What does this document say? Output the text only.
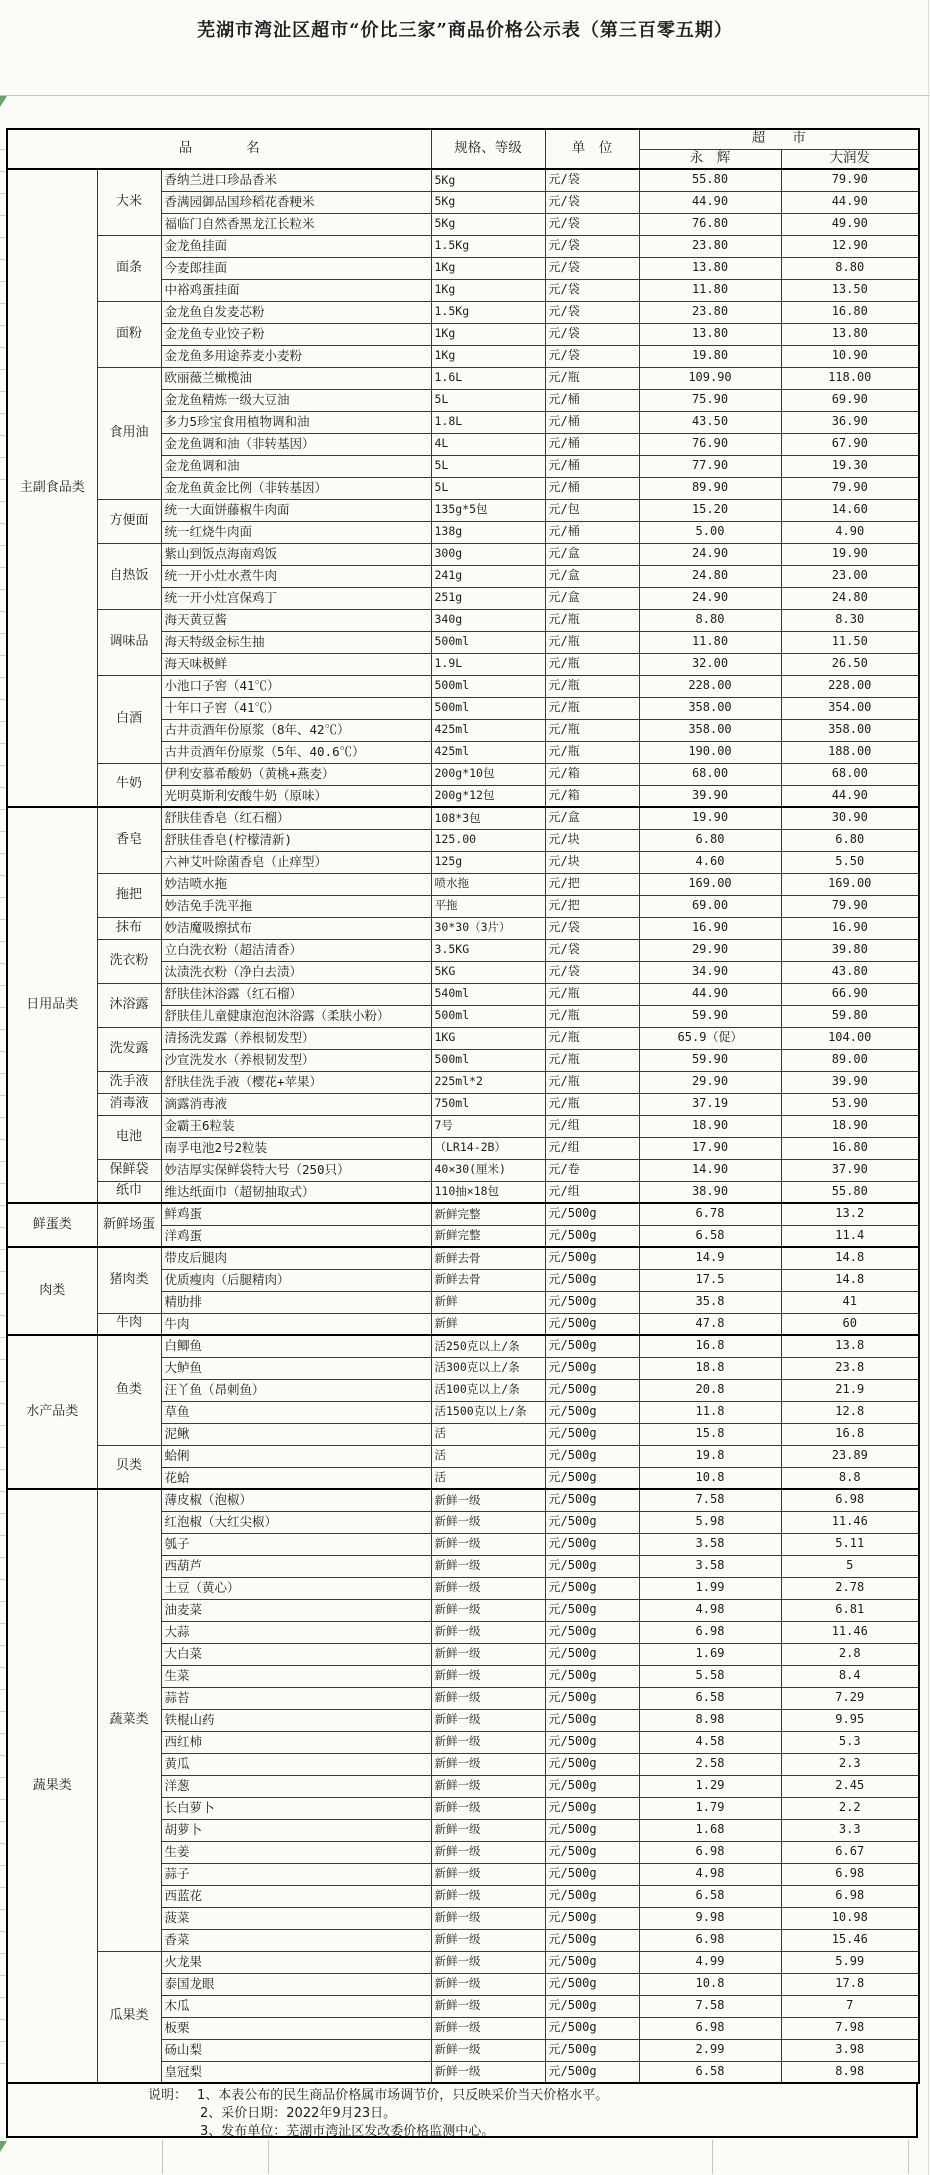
芜湖市湾沚区超市“价比三家”商品价格公示表（第三百零五期）
品　　　　名			规格、等级	单　位	超　　市	
					永　辉	大润发
主副食品类	大米	香纳兰进口珍品香米	5Kg	元/袋	55.80	79.90
		香满园御品国珍稻花香粳米	5Kg	元/袋	44.90	44.90
		福临门自然香黑龙江长粒米	5Kg	元/袋	76.80	49.90
	面条	金龙鱼挂面	1.5Kg	元/袋	23.80	12.90
		今麦郎挂面	1Kg	元/袋	13.80	8.80
		中裕鸡蛋挂面	1Kg	元/袋	11.80	13.50
	面粉	金龙鱼自发麦芯粉	1.5Kg	元/袋	23.80	16.80
		金龙鱼专业饺子粉	1Kg	元/袋	13.80	13.80
		金龙鱼多用途荞麦小麦粉	1Kg	元/袋	19.80	10.90
	食用油	欧丽薇兰橄榄油	1.6L	元/瓶	109.90	118.00
		金龙鱼精炼一级大豆油	5L	元/桶	75.90	69.90
		多力5珍宝食用植物调和油	1.8L	元/桶	43.50	36.90
		金龙鱼调和油（非转基因）	4L	元/桶	76.90	67.90
		金龙鱼调和油	5L	元/桶	77.90	19.30
		金龙鱼黄金比例（非转基因）	5L	元/桶	89.90	79.90
	方便面	统一大面饼藤椒牛肉面	135g*5包	元/包	15.20	14.60
		统一红烧牛肉面	138g	元/桶	5.00	4.90
	自热饭	紫山到饭点海南鸡饭	300g	元/盒	24.90	19.90
		统一开小灶水煮牛肉	241g	元/盒	24.80	23.00
		统一开小灶宫保鸡丁	251g	元/盒	24.90	24.80
	调味品	海天黄豆酱	340g	元/瓶	8.80	8.30
		海天特级金标生抽	500ml	元/瓶	11.80	11.50
		海天味极鲜	1.9L	元/瓶	32.00	26.50
	白酒	小池口子窖（41℃）	500ml	元/瓶	228.00	228.00
		十年口子窖（41℃）	500ml	元/瓶	358.00	354.00
		古井贡酒年份原浆（8年、42℃）	425ml	元/瓶	358.00	358.00
		古井贡酒年份原浆（5年、40.6℃）	425ml	元/瓶	190.00	188.00
	牛奶	伊利安慕希酸奶（黄桃+燕麦）	200g*10包	元/箱	68.00	68.00
		光明莫斯利安酸牛奶（原味）	200g*12包	元/箱	39.90	44.90
日用品类	香皂	舒肤佳香皂（红石榴）	108*3包	元/盒	19.90	30.90
		舒肤佳香皂(柠檬清新)	125.00	元/块	6.80	6.80
		六神艾叶除菌香皂（止痒型）	125g	元/块	4.60	5.50
	拖把	妙洁喷水拖	喷水拖	元/把	169.00	169.00
		妙洁免手洗平拖	平拖	元/把	69.00	79.90
	抹布	妙洁魔吸擦拭布	30*30（3片）	元/袋	16.90	16.90
	洗衣粉	立白洗衣粉（超洁清香）	3.5KG	元/袋	29.90	39.80
		汰渍洗衣粉（净白去渍）	5KG	元/袋	34.90	43.80
	沐浴露	舒肤佳沐浴露（红石榴）	540ml	元/瓶	44.90	66.90
		舒肤佳儿童健康泡泡沐浴露（柔肤小粉）	500ml	元/瓶	59.90	59.80
	洗发露	清扬洗发露（养根韧发型）	1KG	元/瓶	65.9（促）	104.00
		沙宣洗发水（养根韧发型）	500ml	元/瓶	59.90	89.00
	洗手液	舒肤佳洗手液（樱花+苹果）	225ml*2	元/瓶	29.90	39.90
	消毒液	滴露消毒液	750ml	元/瓶	37.19	53.90
	电池	金霸王6粒装	7号	元/组	18.90	18.90
		南孚电池2号2粒装	（LR14-2B）	元/组	17.90	16.80
	保鲜袋	妙洁厚实保鲜袋特大号（250只）	40×30(厘米)	元/卷	14.90	37.90
	纸巾	维达纸面巾（超韧抽取式）	110抽×18包	元/组	38.90	55.80
鲜蛋类	新鲜场蛋	鲜鸡蛋	新鲜完整	元/500g	6.78	13.2
		洋鸡蛋	新鲜完整	元/500g	6.58	11.4
肉类	猪肉类	带皮后腿肉	新鲜去骨	元/500g	14.9	14.8
		优质瘦肉（后腿精肉）	新鲜去骨	元/500g	17.5	14.8
		精肋排	新鲜	元/500g	35.8	41
	牛肉	牛肉	新鲜	元/500g	47.8	60
水产品类	鱼类	白鲫鱼	活250克以上/条	元/500g	16.8	13.8
		大鲈鱼	活300克以上/条	元/500g	18.8	23.8
		汪丫鱼（昂刺鱼）	活100克以上/条	元/500g	20.8	21.9
		草鱼	活1500克以上/条	元/500g	11.8	12.8
		泥鳅	活	元/500g	15.8	16.8
	贝类	蛤俐	活	元/500g	19.8	23.89
		花蛤	活	元/500g	10.8	8.8
蔬果类	蔬菜类	薄皮椒（泡椒）	新鲜一级	元/500g	7.58	6.98
		红泡椒（大红尖椒）	新鲜一级	元/500g	5.98	11.46
		瓠子	新鲜一级	元/500g	3.58	5.11
		西葫芦	新鲜一级	元/500g	3.58	5
		土豆（黄心）	新鲜一级	元/500g	1.99	2.78
		油麦菜	新鲜一级	元/500g	4.98	6.81
		大蒜	新鲜一级	元/500g	6.98	11.46
		大白菜	新鲜一级	元/500g	1.69	2.8
		生菜	新鲜一级	元/500g	5.58	8.4
		蒜苔	新鲜一级	元/500g	6.58	7.29
		铁棍山药	新鲜一级	元/500g	8.98	9.95
		西红柿	新鲜一级	元/500g	4.58	5.3
		黄瓜	新鲜一级	元/500g	2.58	2.3
		洋葱	新鲜一级	元/500g	1.29	2.45
		长白萝卜	新鲜一级	元/500g	1.79	2.2
		胡萝卜	新鲜一级	元/500g	1.68	3.3
		生姜	新鲜一级	元/500g	6.98	6.67
		蒜子	新鲜一级	元/500g	4.98	6.98
		西蓝花	新鲜一级	元/500g	6.58	6.98
		菠菜	新鲜一级	元/500g	9.98	10.98
		香菜	新鲜一级	元/500g	6.98	15.46
	瓜果类	火龙果	新鲜一级	元/500g	4.99	5.99
		泰国龙眼	新鲜一级	元/500g	10.8	17.8
		木瓜	新鲜一级	元/500g	7.58	7
		板栗	新鲜一级	元/500g	6.98	7.98
		砀山梨	新鲜一级	元/500g	2.99	3.98
		皇冠梨	新鲜一级	元/500g	6.58	8.98
说明： 1、本表公布的民生商品价格属市场调节价，只反映采价当天价格水平。
2、采价日期：2022年9月23日。
3、发布单位：芜湖市湾沚区发改委价格监测中心。
